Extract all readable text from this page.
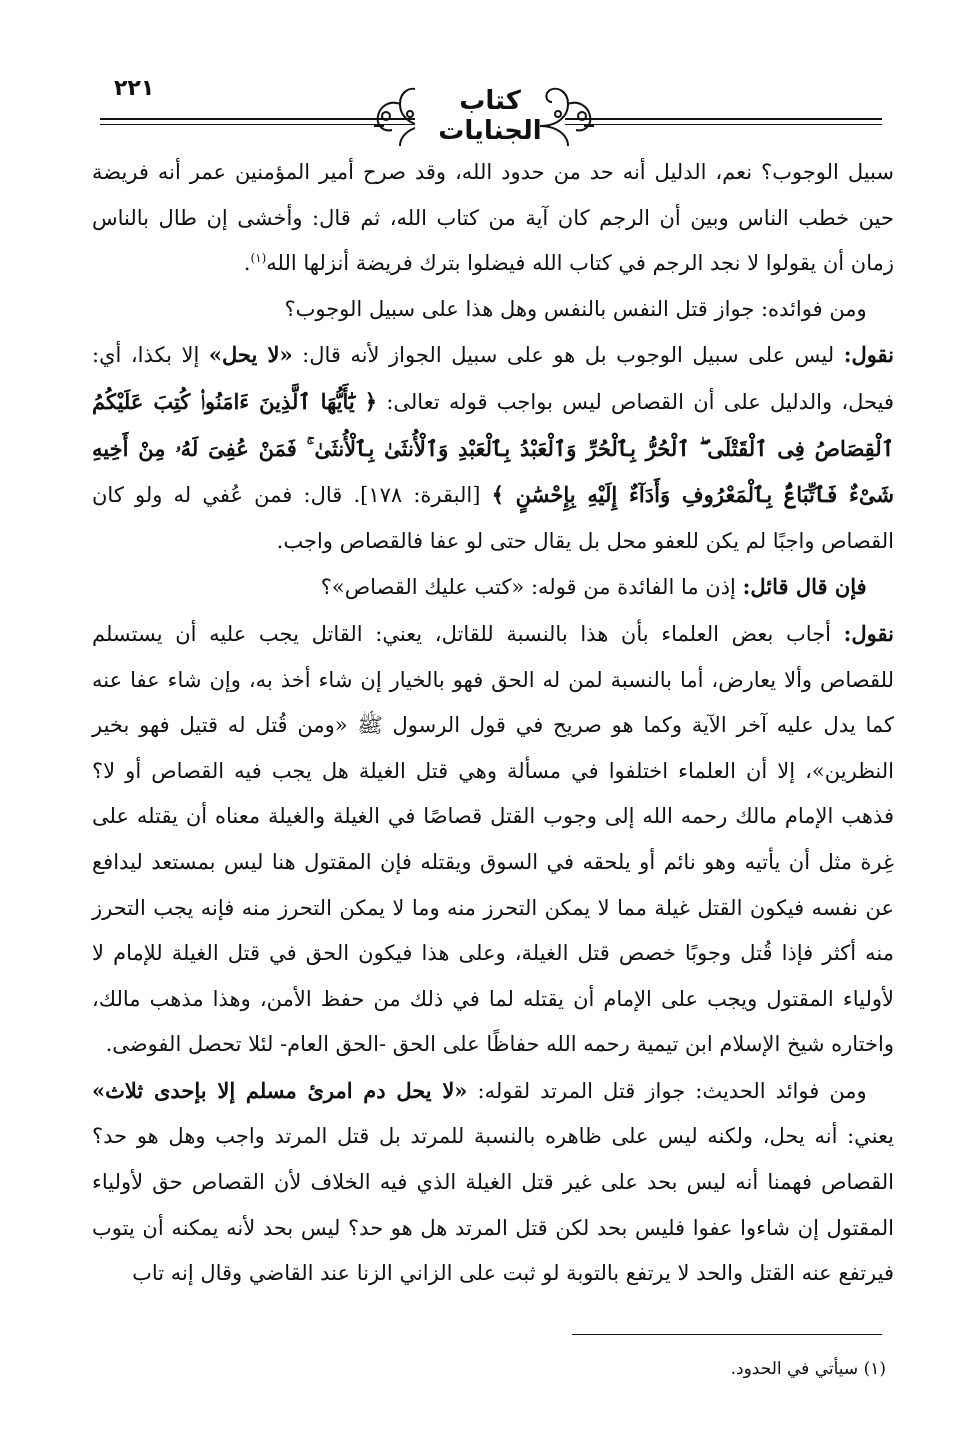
٢٢١	كتاب الجنايات

سبيل الوجوب؟ نعم، الدليل أنه حد من حدود الله، وقد صرح أمير المؤمنين عمر أنه فريضة حين خطب الناس وبين أن الرجم كان آية من كتاب الله، ثم قال: وأخشى إن طال بالناس زمان أن يقولوا لا نجد الرجم في كتاب الله فيضلوا بترك فريضة أنزلها الله$^{(١)}$.

ومن فوائده: جواز قتل النفس بالنفس وهل هذا على سبيل الوجوب؟

نقول: ليس على سبيل الوجوب بل هو على سبيل الجواز لأنه قال: «لا يحل» إلا بكذا، أي: فيحل، والدليل على أن القصاص ليس بواجب قوله تعالى: ﴿ يَٰٓأَيُّهَا ٱلَّذِينَ ءَامَنُوا۟ كُتِبَ عَلَيْكُمُ ٱلْقِصَاصُ فِى ٱلْقَتْلَى ۖ ٱلْحُرُّ بِٱلْحُرِّ وَٱلْعَبْدُ بِٱلْعَبْدِ وَٱلْأُنثَىٰ بِٱلْأُنثَىٰ ۚ فَمَنْ عُفِىَ لَهُۥ مِنْ أَخِيهِ شَىْءٌ فَٱتِّبَاعٌۢ بِٱلْمَعْرُوفِ وَأَدَآءٌ إِلَيْهِ بِإِحْسَٰنٍ ﴾ [البقرة: ١٧٨]. قال: فمن عُفي له ولو كان القصاص واجبًا لم يكن للعفو محل بل يقال حتى لو عفا فالقصاص واجب.

فإن قال قائل: إذن ما الفائدة من قوله: «كتب عليك القصاص»؟

نقول: أجاب بعض العلماء بأن هذا بالنسبة للقاتل، يعني: القاتل يجب عليه أن يستسلم للقصاص وألا يعارض، أما بالنسبة لمن له الحق فهو بالخيار إن شاء أخذ به، وإن شاء عفا عنه كما يدل عليه آخر الآية وكما هو صريح في قول الرسول ﷺ «ومن قُتل له قتيل فهو بخير النظرين»، إلا أن العلماء اختلفوا في مسألة وهي قتل الغيلة هل يجب فيه القصاص أو لا؟ فذهب الإمام مالك رحمه الله إلى وجوب القتل قصاصًا في الغيلة والغيلة معناه أن يقتله على غِرة مثل أن يأتيه وهو نائم أو يلحقه في السوق ويقتله فإن المقتول هنا ليس بمستعد ليدافع عن نفسه فيكون القتل غيلة مما لا يمكن التحرز منه وما لا يمكن التحرز منه فإنه يجب التحرز منه أكثر فإذا قُتل وجوبًا خصص قتل الغيلة، وعلى هذا فيكون الحق في قتل الغيلة للإمام لا لأولياء المقتول ويجب على الإمام أن يقتله لما في ذلك من حفظ الأمن، وهذا مذهب مالك، واختاره شيخ الإسلام ابن تيمية رحمه الله حفاظًا على الحق -الحق العام- لئلا تحصل الفوضى.

ومن فوائد الحديث: جواز قتل المرتد لقوله: «لا يحل دم امرئ مسلم إلا بإحدى ثلاث» يعني: أنه يحل، ولكنه ليس على ظاهره بالنسبة للمرتد بل قتل المرتد واجب وهل هو حد؟ القصاص فهمنا أنه ليس بحد على غير قتل الغيلة الذي فيه الخلاف لأن القصاص حق لأولياء المقتول إن شاءوا عفوا فليس بحد لكن قتل المرتد هل هو حد؟ ليس بحد لأنه يمكنه أن يتوب فيرتفع عنه القتل والحد لا يرتفع بالتوبة لو ثبت على الزاني الزنا عند القاضي وقال إنه تاب

(١) سيأتي في الحدود.
